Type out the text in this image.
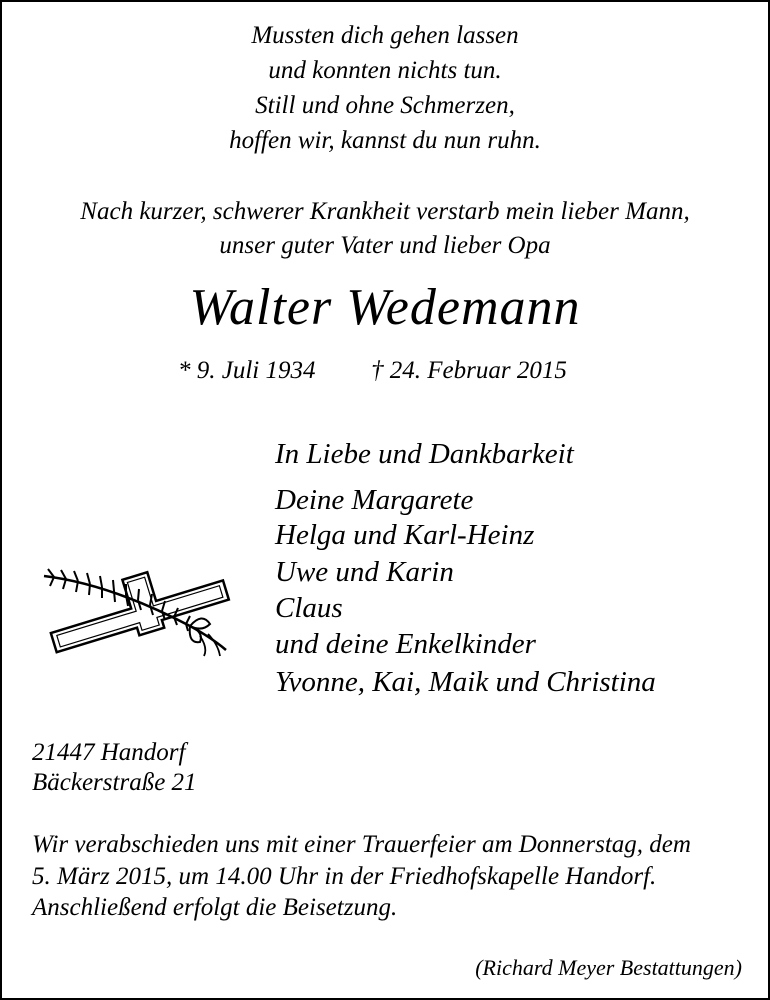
Mussten dich gehen lassen
und konnten nichts tun.
Still und ohne Schmerzen,
hoffen wir, kannst du nun ruhn.
Nach kurzer, schwerer Krankheit verstarb mein lieber Mann,
unser guter Vater und lieber Opa
Walter Wedemann
* 9. Juli 1934 † 24. Februar 2015
In Liebe und Dankbarkeit
Deine Margarete
Helga und Karl-Heinz
Uwe und Karin
Claus
und deine Enkelkinder
Yvonne, Kai, Maik und Christina
21447 Handorf
Bäckerstraße 21
Wir verabschieden uns mit einer Trauerfeier am Donnerstag, dem
5. März 2015, um 14.00 Uhr in der Friedhofskapelle Handorf.
Anschließend erfolgt die Beisetzung.
(Richard Meyer Bestattungen)
